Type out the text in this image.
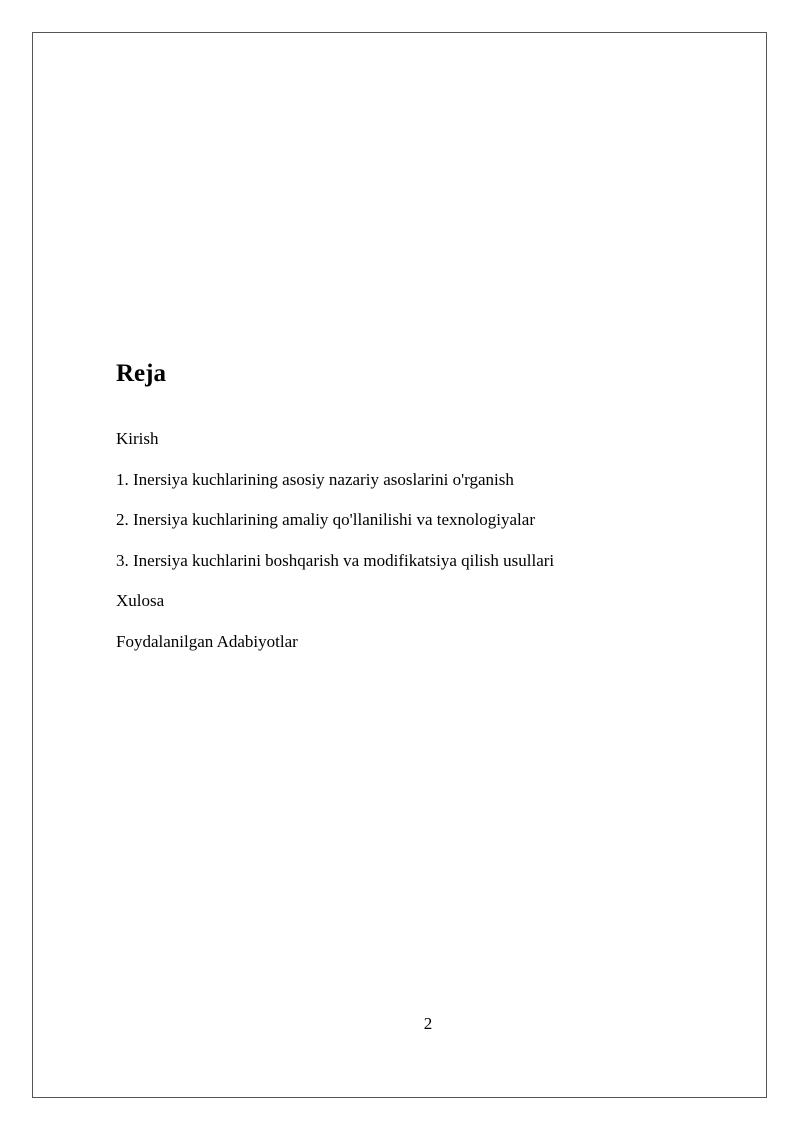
Reja
Kirish
1. Inersiya kuchlarining asosiy nazariy asoslarini o'rganish
2. Inersiya kuchlarining amaliy qo'llanilishi va texnologiyalar
3. Inersiya kuchlarini boshqarish va modifikatsiya qilish usullari
Xulosa
Foydalanilgan Adabiyotlar
2
